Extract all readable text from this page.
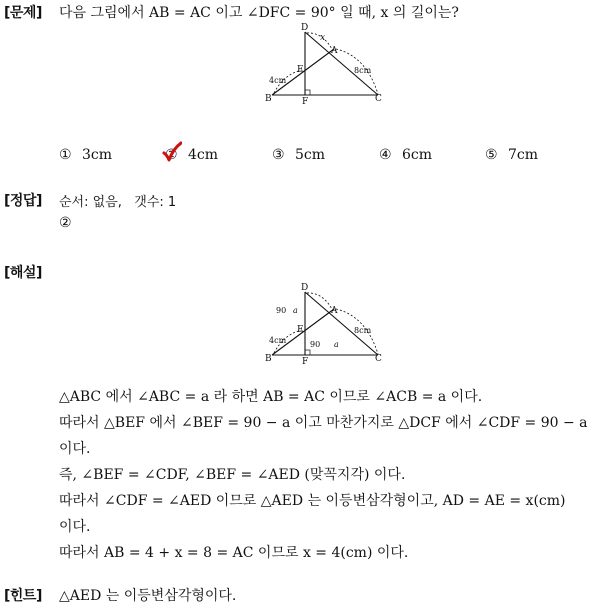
[문제] 다음 그림에서 AB = AC 이고 ∠DFC = 90° 일 때, x 의 길이는?
D
A
E
B	F	C
x
4cm
8cm
① 3cm	② 4cm	③ 5cm	④ 6cm	⑤ 7cm
[정답] 순서: 없음,   갯수: 1
②
[해설]
D
A
E
B	F	C
90 a
90 a
4cm
8cm
△ABC 에서 ∠ABC = a 라 하면 AB = AC 이므로 ∠ACB = a 이다.
따라서 △BEF 에서 ∠BEF = 90 − a 이고 마찬가지로 △DCF 에서 ∠CDF = 90 − a
이다.
즉, ∠BEF = ∠CDF, ∠BEF = ∠AED (맞꼭지각) 이다.
따라서 ∠CDF = ∠AED 이므로 △AED 는 이등변삼각형이고, AD = AE = x(cm)
이다.
따라서 AB = 4 + x = 8 = AC 이므로 x = 4(cm) 이다.
[힌트] △AED 는 이등변삼각형이다.
